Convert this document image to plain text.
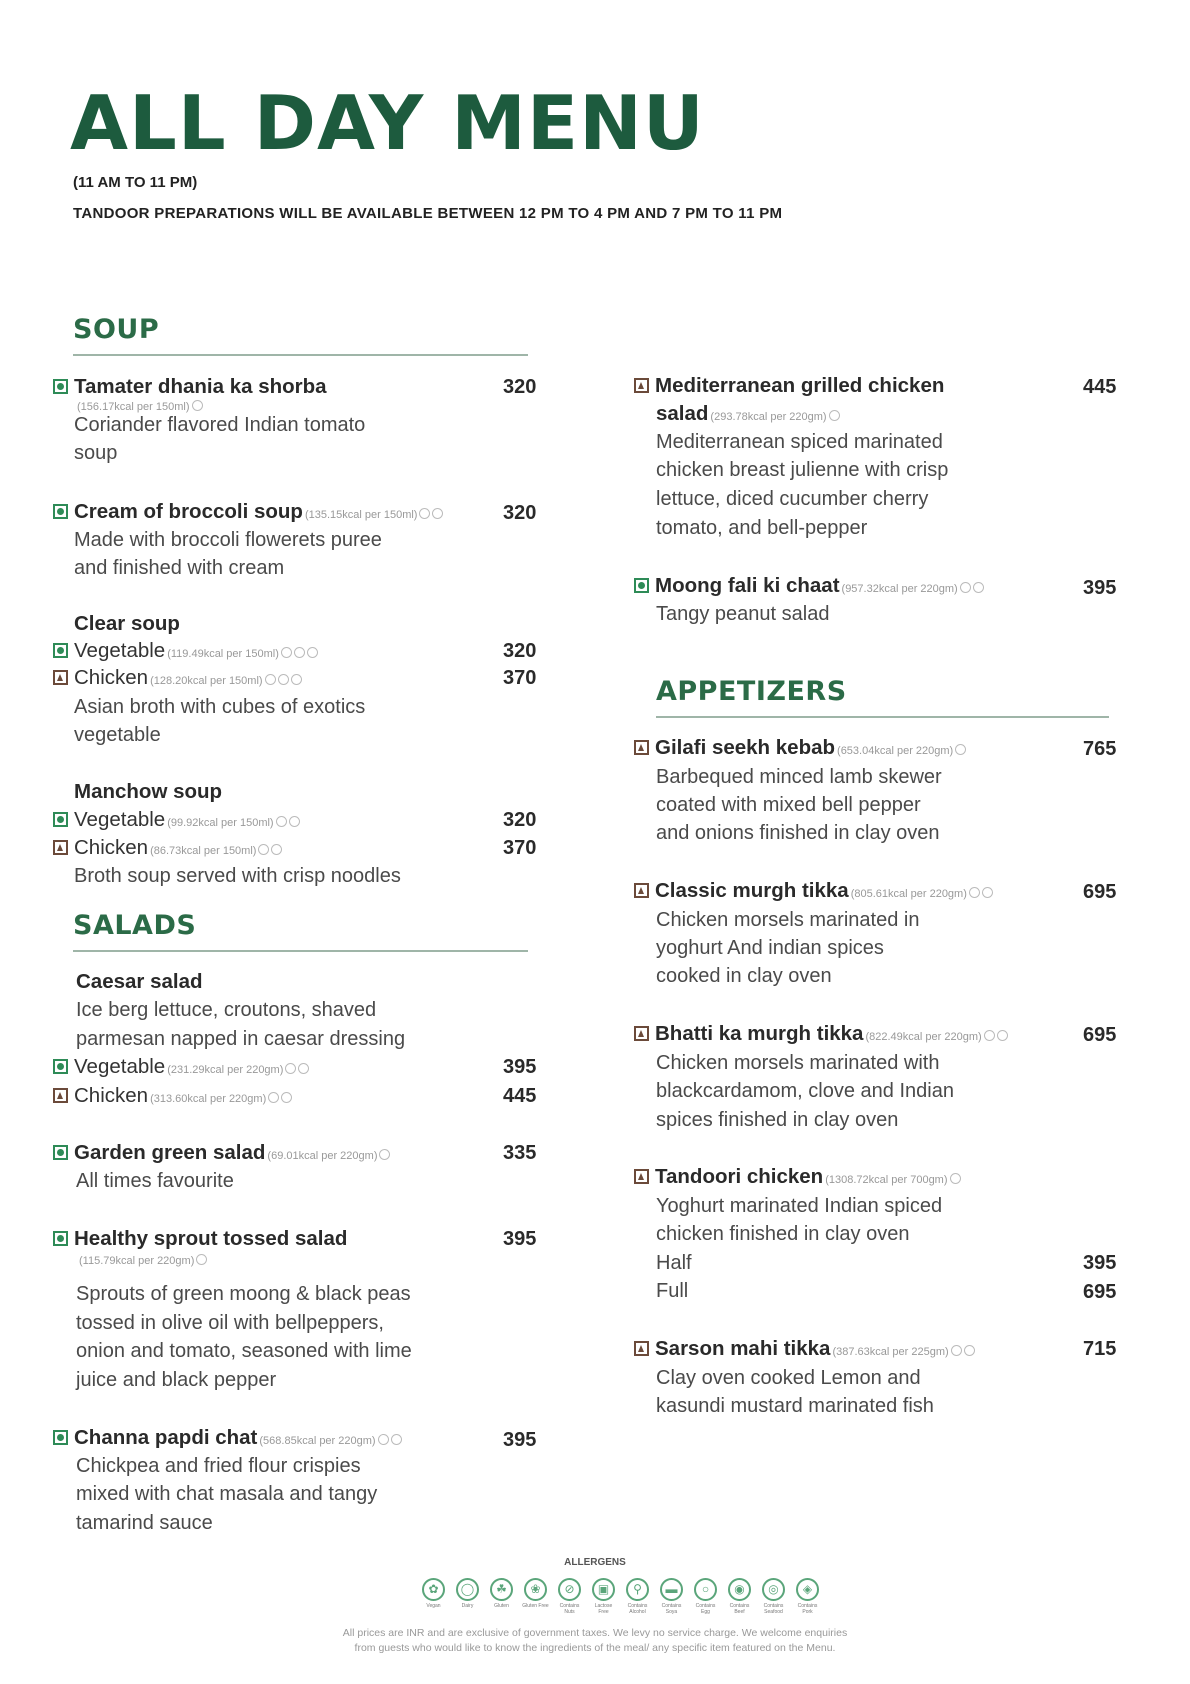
ALL DAY MENU
(11 AM TO 11 PM)
TANDOOR PREPARATIONS WILL BE AVAILABLE BETWEEN 12 PM TO 4 PM AND 7 PM TO 11 PM
SOUP
Tamater dhania ka shorba	320
(156.17kcal per 150ml)
Coriander flavored Indian tomato
soup
Cream of broccoli soup (135.15kcal per 150ml)	320
Made with broccoli flowerets puree
and finished with cream
Clear soup
Vegetable (119.49kcal per 150ml)	320
Chicken (128.20kcal per 150ml)	370
Asian broth with cubes of exotics
vegetable
Manchow soup
Vegetable (99.92kcal per 150ml)	320
Chicken (86.73kcal per 150ml)	370
Broth soup served with crisp noodles
SALADS
Caesar salad
Ice berg lettuce, croutons, shaved
parmesan napped in caesar dressing
Vegetable (231.29kcal per 220gm)	395
Chicken (313.60kcal per 220gm)	445
Garden green salad (69.01kcal per 220gm)	335
All times favourite
Healthy sprout tossed salad	395
(115.79kcal per 220gm)
Sprouts of green moong & black peas
tossed in olive oil with bellpeppers,
onion and tomato, seasoned with lime
juice and black pepper
Channa papdi chat (568.85kcal per 220gm)	395
Chickpea and fried flour crispies
mixed with chat masala and tangy
tamarind sauce
Mediterranean grilled chicken	445
salad (293.78kcal per 220gm)
Mediterranean spiced marinated
chicken breast julienne with crisp
lettuce, diced cucumber cherry
tomato, and bell-pepper
Moong fali ki chaat (957.32kcal per 220gm)	395
Tangy peanut salad
APPETIZERS
Gilafi seekh kebab (653.04kcal per 220gm)	765
Barbequed minced lamb skewer
coated with mixed bell pepper
and onions finished in clay oven
Classic murgh tikka (805.61kcal per 220gm)	695
Chicken morsels marinated in
yoghurt And indian spices
cooked in clay oven
Bhatti ka murgh tikka (822.49kcal per 220gm)	695
Chicken morsels marinated with
blackcardamom, clove and Indian
spices finished in clay oven
Tandoori chicken (1308.72kcal per 700gm)
Yoghurt marinated Indian spiced
chicken finished in clay oven
Half	395
Full	695
Sarson mahi tikka (387.63kcal per 225gm)	715
Clay oven cooked Lemon and
kasundi mustard marinated fish
ALLERGENS
✿
Vegan
◯
Dairy
☘
Gluten
❀
Gluten Free
⊘
Contains Nuts
▣
Lactose Free
⚲
Contains Alcohol
▬
Contains Soya
○
Contains Egg
◉
Contains Beef
◎
Contains Seafood
◈
Contains Pork
All prices are INR and are exclusive of government taxes. We levy no service charge. We welcome enquiries
from guests who would like to know the ingredients of the meal/ any specific item featured on the Menu.
